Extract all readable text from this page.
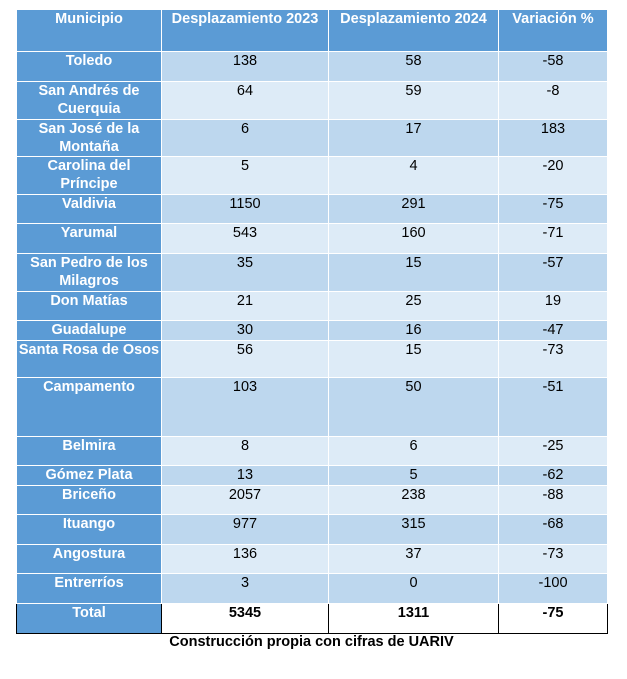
Municipio	Desplazamiento 2023	Desplazamiento 2024	Variación %
Toledo	138	58	-58
San Andrés de Cuerquia	64	59	-8
San José de la Montaña	6	17	183
Carolina del Príncipe	5	4	-20
Valdivia	1150	291	-75
Yarumal	543	160	-71
San Pedro de los Milagros	35	15	-57
Don Matías	21	25	19
Guadalupe	30	16	-47
Santa Rosa de Osos	56	15	-73
Campamento	103	50	-51
Belmira	8	6	-25
Gómez Plata	13	5	-62
Briceño	2057	238	-88
Ituango	977	315	-68
Angostura	136	37	-73
Entrerríos	3	0	-100
Total	5345	1311	-75
Construcción propia con cifras de UARIV
